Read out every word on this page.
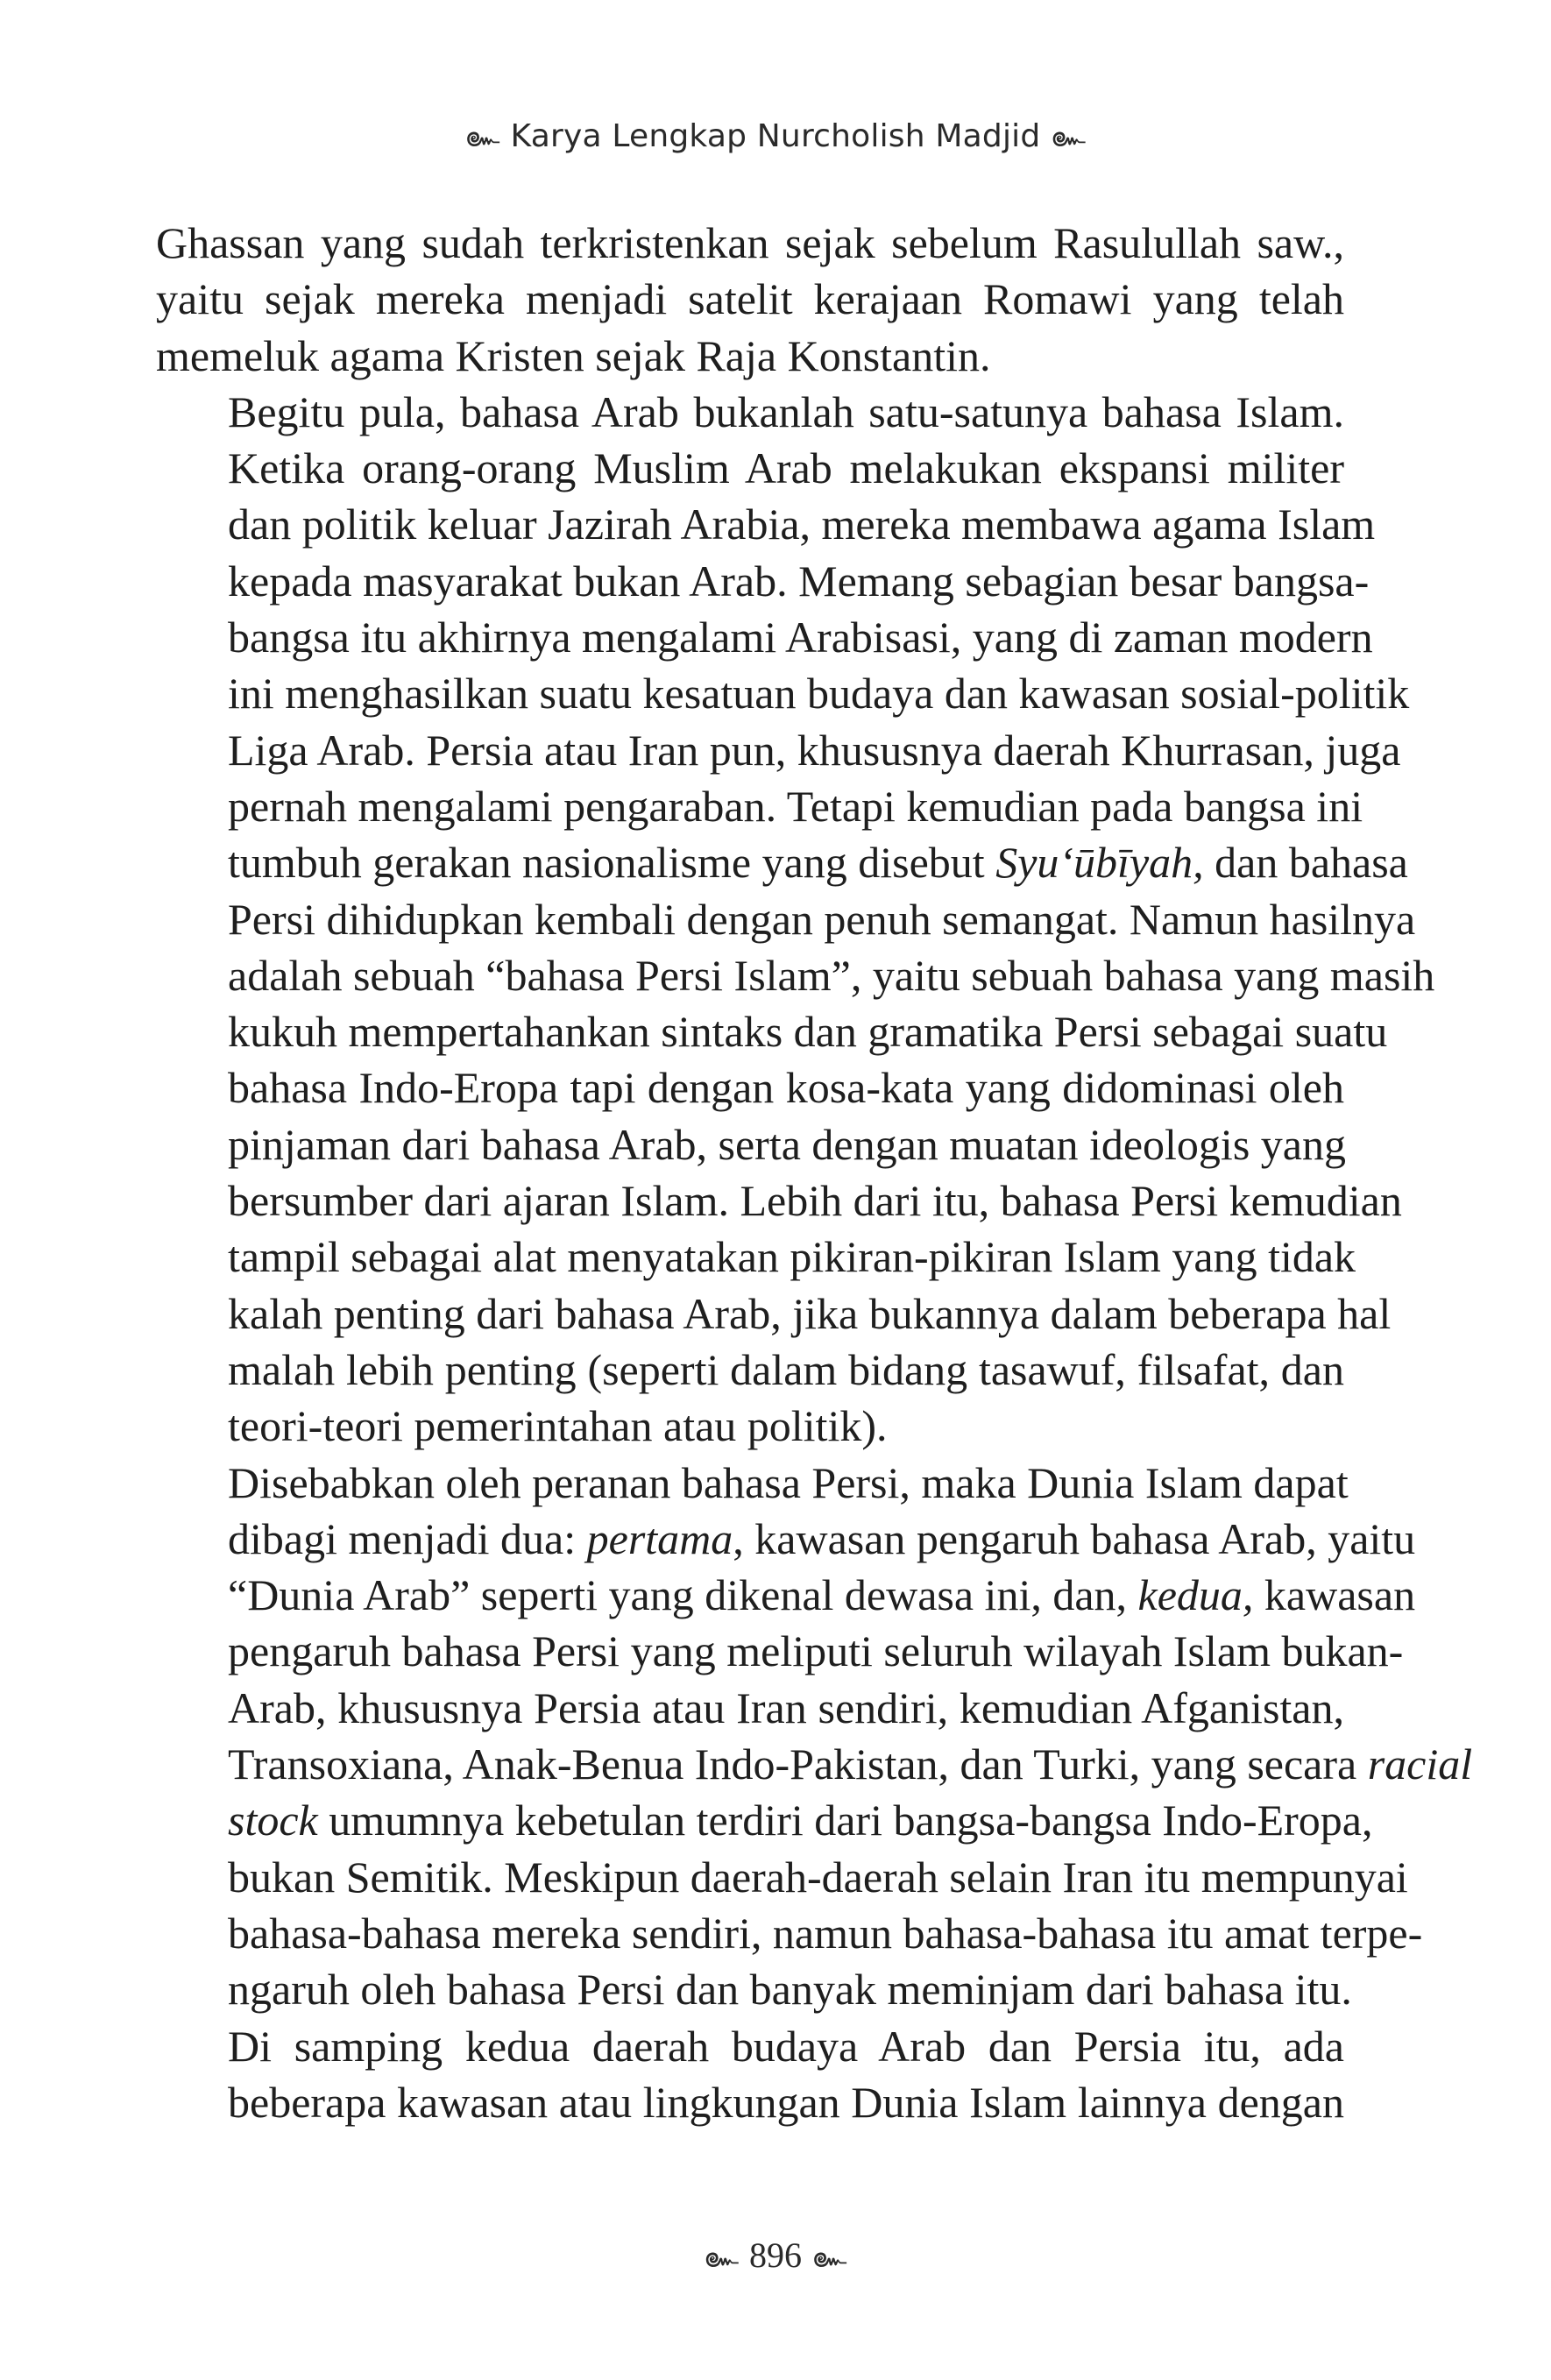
๛ Karya Lengkap Nurcholish Madjid ๛

Ghassan yang sudah terkristenkan sejak sebelum Rasulullah saw.,
yaitu sejak mereka menjadi satelit kerajaan Romawi yang telah
memeluk agama Kristen sejak Raja Konstantin.

Begitu pula, bahasa Arab bukanlah satu-satunya bahasa Islam.
Ketika orang-orang Muslim Arab melakukan ekspansi militer
dan politik keluar Jazirah Arabia, mereka membawa agama Islam
kepada masyarakat bukan Arab. Memang sebagian besar bangsa-
bangsa itu akhirnya mengalami Arabisasi, yang di zaman modern
ini menghasilkan suatu kesatuan budaya dan kawasan sosial-politik
Liga Arab. Persia atau Iran pun, khususnya daerah Khurrasan, juga
pernah mengalami pengaraban. Tetapi kemudian pada bangsa ini
tumbuh gerakan nasionalisme yang disebut Syu‘ūbīyah, dan bahasa
Persi dihidupkan kembali dengan penuh semangat. Namun hasilnya
adalah sebuah “bahasa Persi Islam”, yaitu sebuah bahasa yang masih
kukuh mempertahankan sintaks dan gramatika Persi sebagai suatu
bahasa Indo-Eropa tapi dengan kosa-kata yang didominasi oleh
pinjaman dari bahasa Arab, serta dengan muatan ideologis yang
bersumber dari ajaran Islam. Lebih dari itu, bahasa Persi kemudian
tampil sebagai alat menyatakan pikiran-pikiran Islam yang tidak
kalah penting dari bahasa Arab, jika bukannya dalam beberapa hal
malah lebih penting (seperti dalam bidang tasawuf, filsafat, dan
teori-teori pemerintahan atau politik).

Disebabkan oleh peranan bahasa Persi, maka Dunia Islam dapat
dibagi menjadi dua: pertama, kawasan pengaruh bahasa Arab, yaitu
“Dunia Arab” seperti yang dikenal dewasa ini, dan, kedua, kawasan
pengaruh bahasa Persi yang meliputi seluruh wilayah Islam bukan-
Arab, khususnya Persia atau Iran sendiri, kemudian Afganistan,
Transoxiana, Anak-Benua Indo-Pakistan, dan Turki, yang secara racial
stock umumnya kebetulan terdiri dari bangsa-bangsa Indo-Eropa,
bukan Semitik. Meskipun daerah-daerah selain Iran itu mempunyai
bahasa-bahasa mereka sendiri, namun bahasa-bahasa itu amat terpe-
ngaruh oleh bahasa Persi dan banyak meminjam dari bahasa itu.

Di samping kedua daerah budaya Arab dan Persia itu, ada
beberapa kawasan atau lingkungan Dunia Islam lainnya dengan

๛ 896 ๛
